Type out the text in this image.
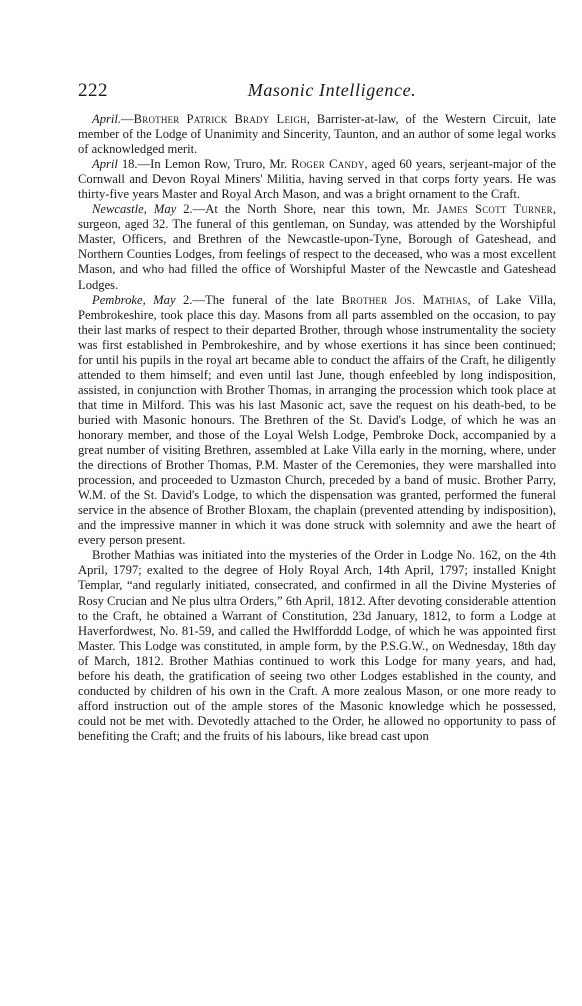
222	Masonic Intelligence.

April.—Brother Patrick Brady Leigh, Barrister-at-law, of the Western Circuit, late member of the Lodge of Unanimity and Sincerity, Taunton, and an author of some legal works of acknowledged merit.

April 18.—In Lemon Row, Truro, Mr. Roger Candy, aged 60 years, serjeant-major of the Cornwall and Devon Royal Miners' Militia, having served in that corps forty years. He was thirty-five years Master and Royal Arch Mason, and was a bright ornament to the Craft.

Newcastle, May 2.—At the North Shore, near this town, Mr. James Scott Turner, surgeon, aged 32. The funeral of this gentleman, on Sunday, was attended by the Worshipful Master, Officers, and Brethren of the Newcastle-upon-Tyne, Borough of Gateshead, and Northern Counties Lodges, from feelings of respect to the deceased, who was a most excellent Mason, and who had filled the office of Worshipful Master of the Newcastle and Gateshead Lodges.

Pembroke, May 2.—The funeral of the late Brother Jos. Mathias, of Lake Villa, Pembrokeshire, took place this day. Masons from all parts assembled on the occasion, to pay their last marks of respect to their departed Brother, through whose instrumentality the society was first established in Pembrokeshire, and by whose exertions it has since been continued; for until his pupils in the royal art became able to conduct the affairs of the Craft, he diligently attended to them himself; and even until last June, though enfeebled by long indisposition, assisted, in conjunction with Brother Thomas, in arranging the procession which took place at that time in Milford. This was his last Masonic act, save the request on his death-bed, to be buried with Masonic honours. The Brethren of the St. David's Lodge, of which he was an honorary member, and those of the Loyal Welsh Lodge, Pembroke Dock, accompanied by a great number of visiting Brethren, assembled at Lake Villa early in the morning, where, under the directions of Brother Thomas, P.M. Master of the Ceremonies, they were marshalled into procession, and proceeded to Uzmaston Church, preceded by a band of music. Brother Parry, W.M. of the St. David's Lodge, to which the dispensation was granted, performed the funeral service in the absence of Brother Bloxam, the chaplain (prevented attending by indisposition), and the impressive manner in which it was done struck with solemnity and awe the heart of every person present.

Brother Mathias was initiated into the mysteries of the Order in Lodge No. 162, on the 4th April, 1797; exalted to the degree of Holy Royal Arch, 14th April, 1797; installed Knight Templar, “and regularly initiated, consecrated, and confirmed in all the Divine Mysteries of Rosy Crucian and Ne plus ultra Orders,” 6th April, 1812. After devoting considerable attention to the Craft, he obtained a Warrant of Constitution, 23d January, 1812, to form a Lodge at Haverfordwest, No. 81-59, and called the Hwlfforddd Lodge, of which he was appointed first Master. This Lodge was constituted, in ample form, by the P.S.G.W., on Wednesday, 18th day of March, 1812. Brother Mathias continued to work this Lodge for many years, and had, before his death, the gratification of seeing two other Lodges established in the county, and conducted by children of his own in the Craft. A more zealous Mason, or one more ready to afford instruction out of the ample stores of the Masonic knowledge which he possessed, could not be met with. Devotedly attached to the Order, he allowed no opportunity to pass of benefiting the Craft; and the fruits of his labours, like bread cast upon
